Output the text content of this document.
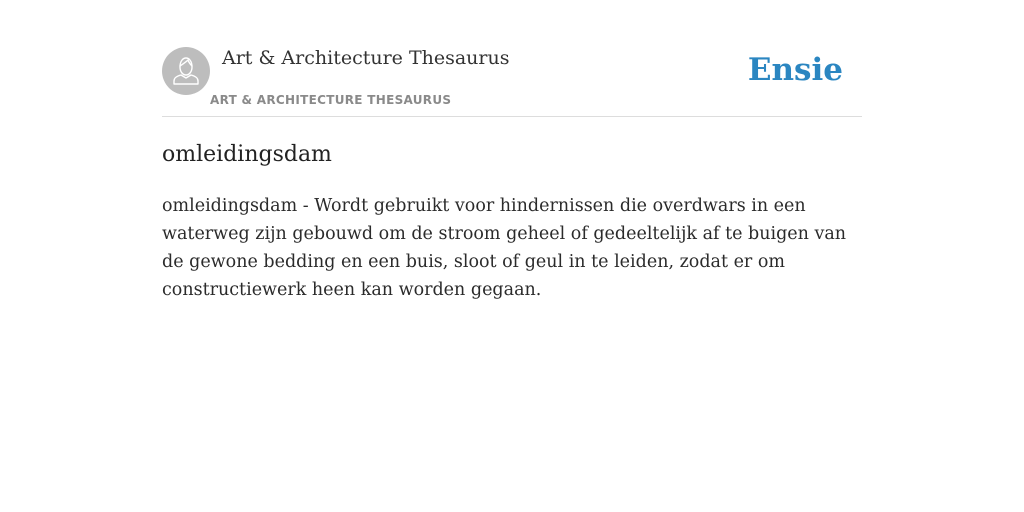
Art & Architecture Thesaurus
ART & ARCHITECTURE THESAURUS
Ensie
omleidingsdam

omleidingsdam - Wordt gebruikt voor hindernissen die overdwars in een waterweg zijn gebouwd om de stroom geheel of gedeeltelijk af te buigen van de gewone bedding en een buis, sloot of geul in te leiden, zodat er om constructiewerk heen kan worden gegaan.
